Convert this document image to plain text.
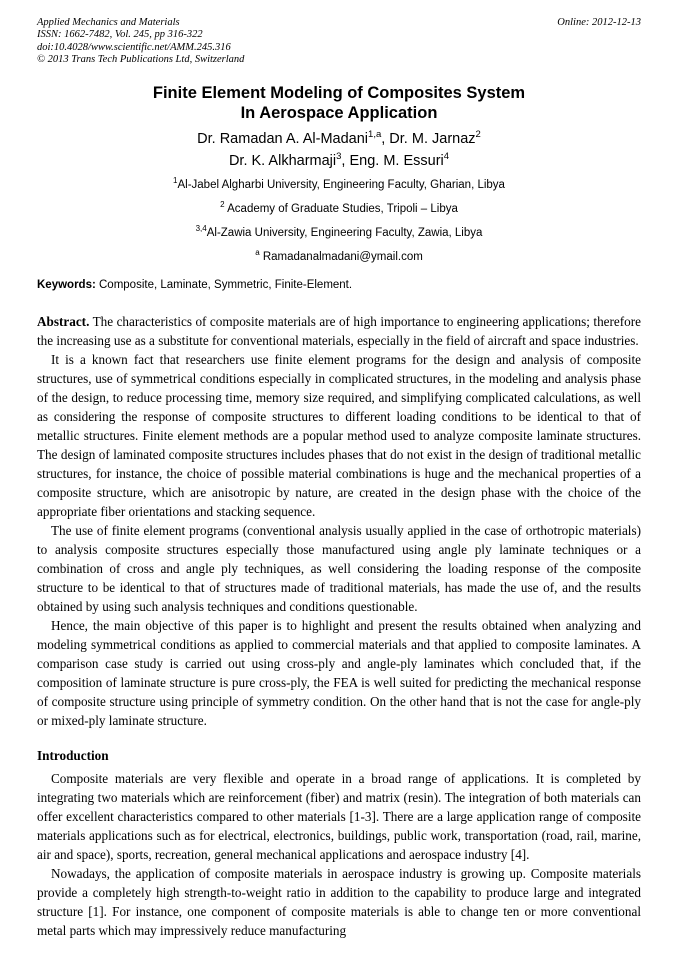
Applied Mechanics and Materials
ISSN: 1662-7482, Vol. 245, pp 316-322
doi:10.4028/www.scientific.net/AMM.245.316
© 2013 Trans Tech Publications Ltd, Switzerland
Online: 2012-12-13
Finite Element Modeling of Composites System
In Aerospace Application
Dr. Ramadan A. Al-Madani$^{1,a}$, Dr. M. Jarnaz$^2$
Dr. K. Alkharmaji$^3$, Eng. M. Essuri$^4$
$^1$Al-Jabel Algharbi University, Engineering Faculty, Gharian, Libya
$^2$ Academy of Graduate Studies, Tripoli – Libya
$^{3,4}$Al-Zawia University, Engineering Faculty, Zawia, Libya
$^a$ Ramadanalmadani@ymail.com
Keywords: Composite, Laminate, Symmetric, Finite-Element.

Abstract. The characteristics of composite materials are of high importance to engineering applications; therefore the increasing use as a substitute for conventional materials, especially in the field of aircraft and space industries.

It is a known fact that researchers use finite element programs for the design and analysis of composite structures, use of symmetrical conditions especially in complicated structures, in the modeling and analysis phase of the design, to reduce processing time, memory size required, and simplifying complicated calculations, as well as considering the response of composite structures to different loading conditions to be identical to that of metallic structures. Finite element methods are a popular method used to analyze composite laminate structures. The design of laminated composite structures includes phases that do not exist in the design of traditional metallic structures, for instance, the choice of possible material combinations is huge and the mechanical properties of a composite structure, which are anisotropic by nature, are created in the design phase with the choice of the appropriate fiber orientations and stacking sequence.

The use of finite element programs (conventional analysis usually applied in the case of orthotropic materials) to analysis composite structures especially those manufactured using angle ply laminate techniques or a combination of cross and angle ply techniques, as well considering the loading response of the composite structure to be identical to that of structures made of traditional materials, has made the use of, and the results obtained by using such analysis techniques and conditions questionable.

Hence, the main objective of this paper is to highlight and present the results obtained when analyzing and modeling symmetrical conditions as applied to commercial materials and that applied to composite laminates. A comparison case study is carried out using cross-ply and angle-ply laminates which concluded that, if the composition of laminate structure is pure cross-ply, the FEA is well suited for predicting the mechanical response of composite structure using principle of symmetry condition. On the other hand that is not the case for angle-ply or mixed-ply laminate structure.

Introduction

Composite materials are very flexible and operate in a broad range of applications. It is completed by integrating two materials which are reinforcement (fiber) and matrix (resin). The integration of both materials can offer excellent characteristics compared to other materials [1-3]. There are a large application range of composite materials applications such as for electrical, electronics, buildings, public work, transportation (road, rail, marine, air and space), sports, recreation, general mechanical applications and aerospace industry [4].

Nowadays, the application of composite materials in aerospace industry is growing up. Composite materials provide a completely high strength-to-weight ratio in addition to the capability to produce large and integrated structure [1]. For instance, one component of composite materials is able to change ten or more conventional metal parts which may impressively reduce manufacturing
